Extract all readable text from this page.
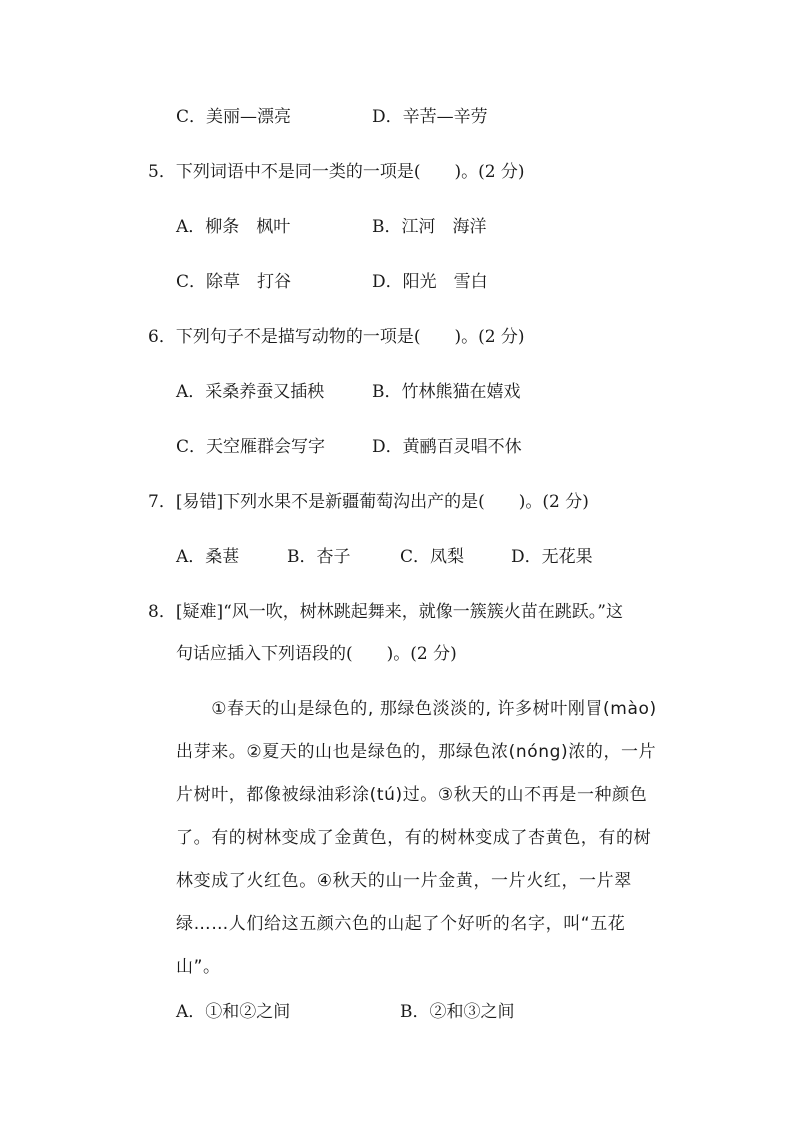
C．美丽—漂亮	D．辛苦—辛劳
5．下列词语中不是同一类的一项是(　　)。(2 分)
A．柳条　枫叶	B．江河　海洋
C．除草　打谷	D．阳光　雪白
6．下列句子不是描写动物的一项是(　　)。(2 分)
A．采桑养蚕又插秧	B．竹林熊猫在嬉戏
C．天空雁群会写字	D．黄鹂百灵唱不休
7．[易错]下列水果不是新疆葡萄沟出产的是(　　)。(2 分)
A．桑葚	B．杏子	C．凤梨	D．无花果
8．[疑难]“风一吹，树林跳起舞来，就像一簇簇火苗在跳跃。”这
句话应插入下列语段的(　　)。(2 分)
　　①春天的山是绿色的, 那绿色淡淡的, 许多树叶刚冒(mào)
出芽来。②夏天的山也是绿色的，那绿色浓(nóng)浓的，一片
片树叶，都像被绿油彩涂(tú)过。③秋天的山不再是一种颜色
了。有的树林变成了金黄色，有的树林变成了杏黄色，有的树
林变成了火红色。④秋天的山一片金黄，一片火红，一片翠
绿……人们给这五颜六色的山起了个好听的名字，叫“五花
山”。
A．①和②之间	B．②和③之间
